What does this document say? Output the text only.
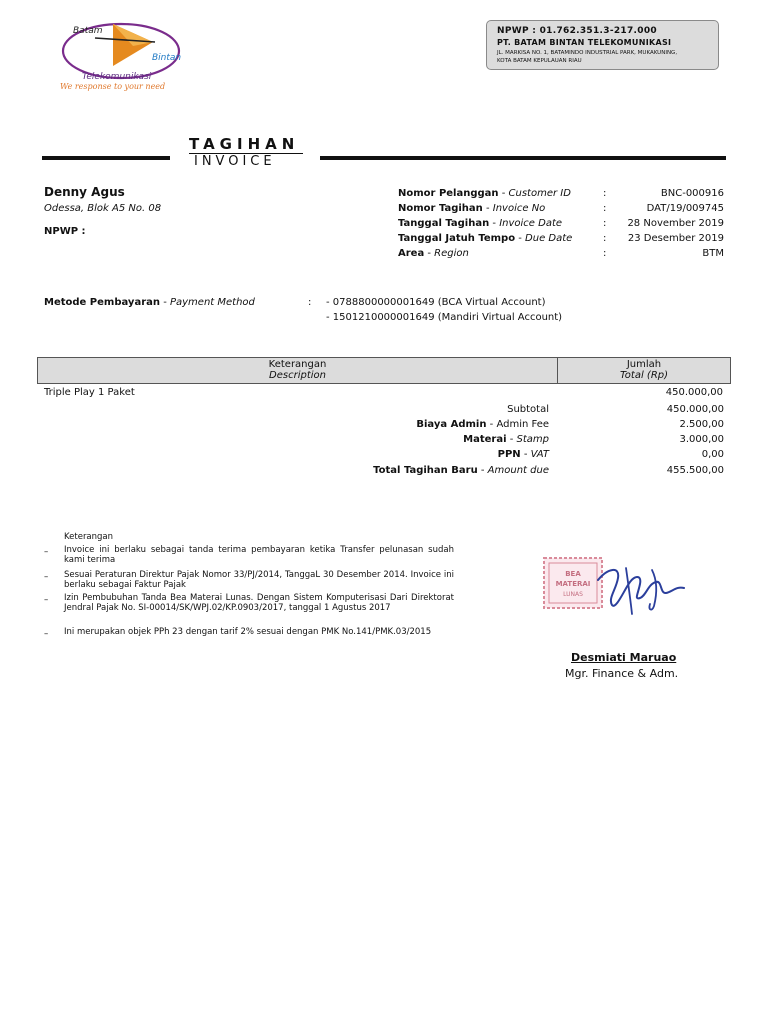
Batam
Bintan
Telekomunikasi
We response to your need
NPWP : 01.762.351.3-217.000
PT. BATAM BINTAN TELEKOMUNIKASI
JL. MARKISA NO. 1, BATAMINDO INDUSTRIAL PARK, MUKAKUNING,
KOTA BATAM KEPULAUAN RIAU
TAGIHAN
INVOICE
Denny Agus
Odessa, Blok A5 No. 08
NPWP :
Nomor Pelanggan - Customer ID	:	BNC-000916
Nomor Tagihan - Invoice No	:	DAT/19/009745
Tanggal Tagihan - Invoice Date	: 28 November 2019
Tanggal Jatuh Tempo - Due Date	: 23 Desember 2019
Area - Region	:	BTM
Metode Pembayaran - Payment Method	: - 0788800000001649 (BCA Virtual Account)
- 1501210000001649 (Mandiri Virtual Account)
Keterangan
Description
Jumlah
Total (Rp)
Triple Play 1 Paket	450.000,00
Subtotal	450.000,00
Biaya Admin - Admin Fee	2.500,00
Materai - Stamp	3.000,00
PPN - VAT	0,00
Total Tagihan Baru - Amount due	455.500,00
Keterangan
– Invoice ini berlaku sebagai tanda terima pembayaran ketika Transfer pelunasan sudah kami terima
– Sesuai Peraturan Direktur Pajak Nomor 33/PJ/2014, TanggaL 30 Desember 2014. Invoice ini berlaku sebagai Faktur Pajak
– Izin Pembubuhan Tanda Bea Materai Lunas. Dengan Sistem Komputerisasi Dari Direktorat Jendral Pajak No. SI-00014/SK/WPJ.02/KP.0903/2017, tanggal 1 Agustus 2017
– Ini merupakan objek PPh 23 dengan tarif 2% sesuai dengan PMK No.141/PMK.03/2015
BEA
MATERAI
LUNAS
Desmiati Maruao
Mgr. Finance & Adm.
